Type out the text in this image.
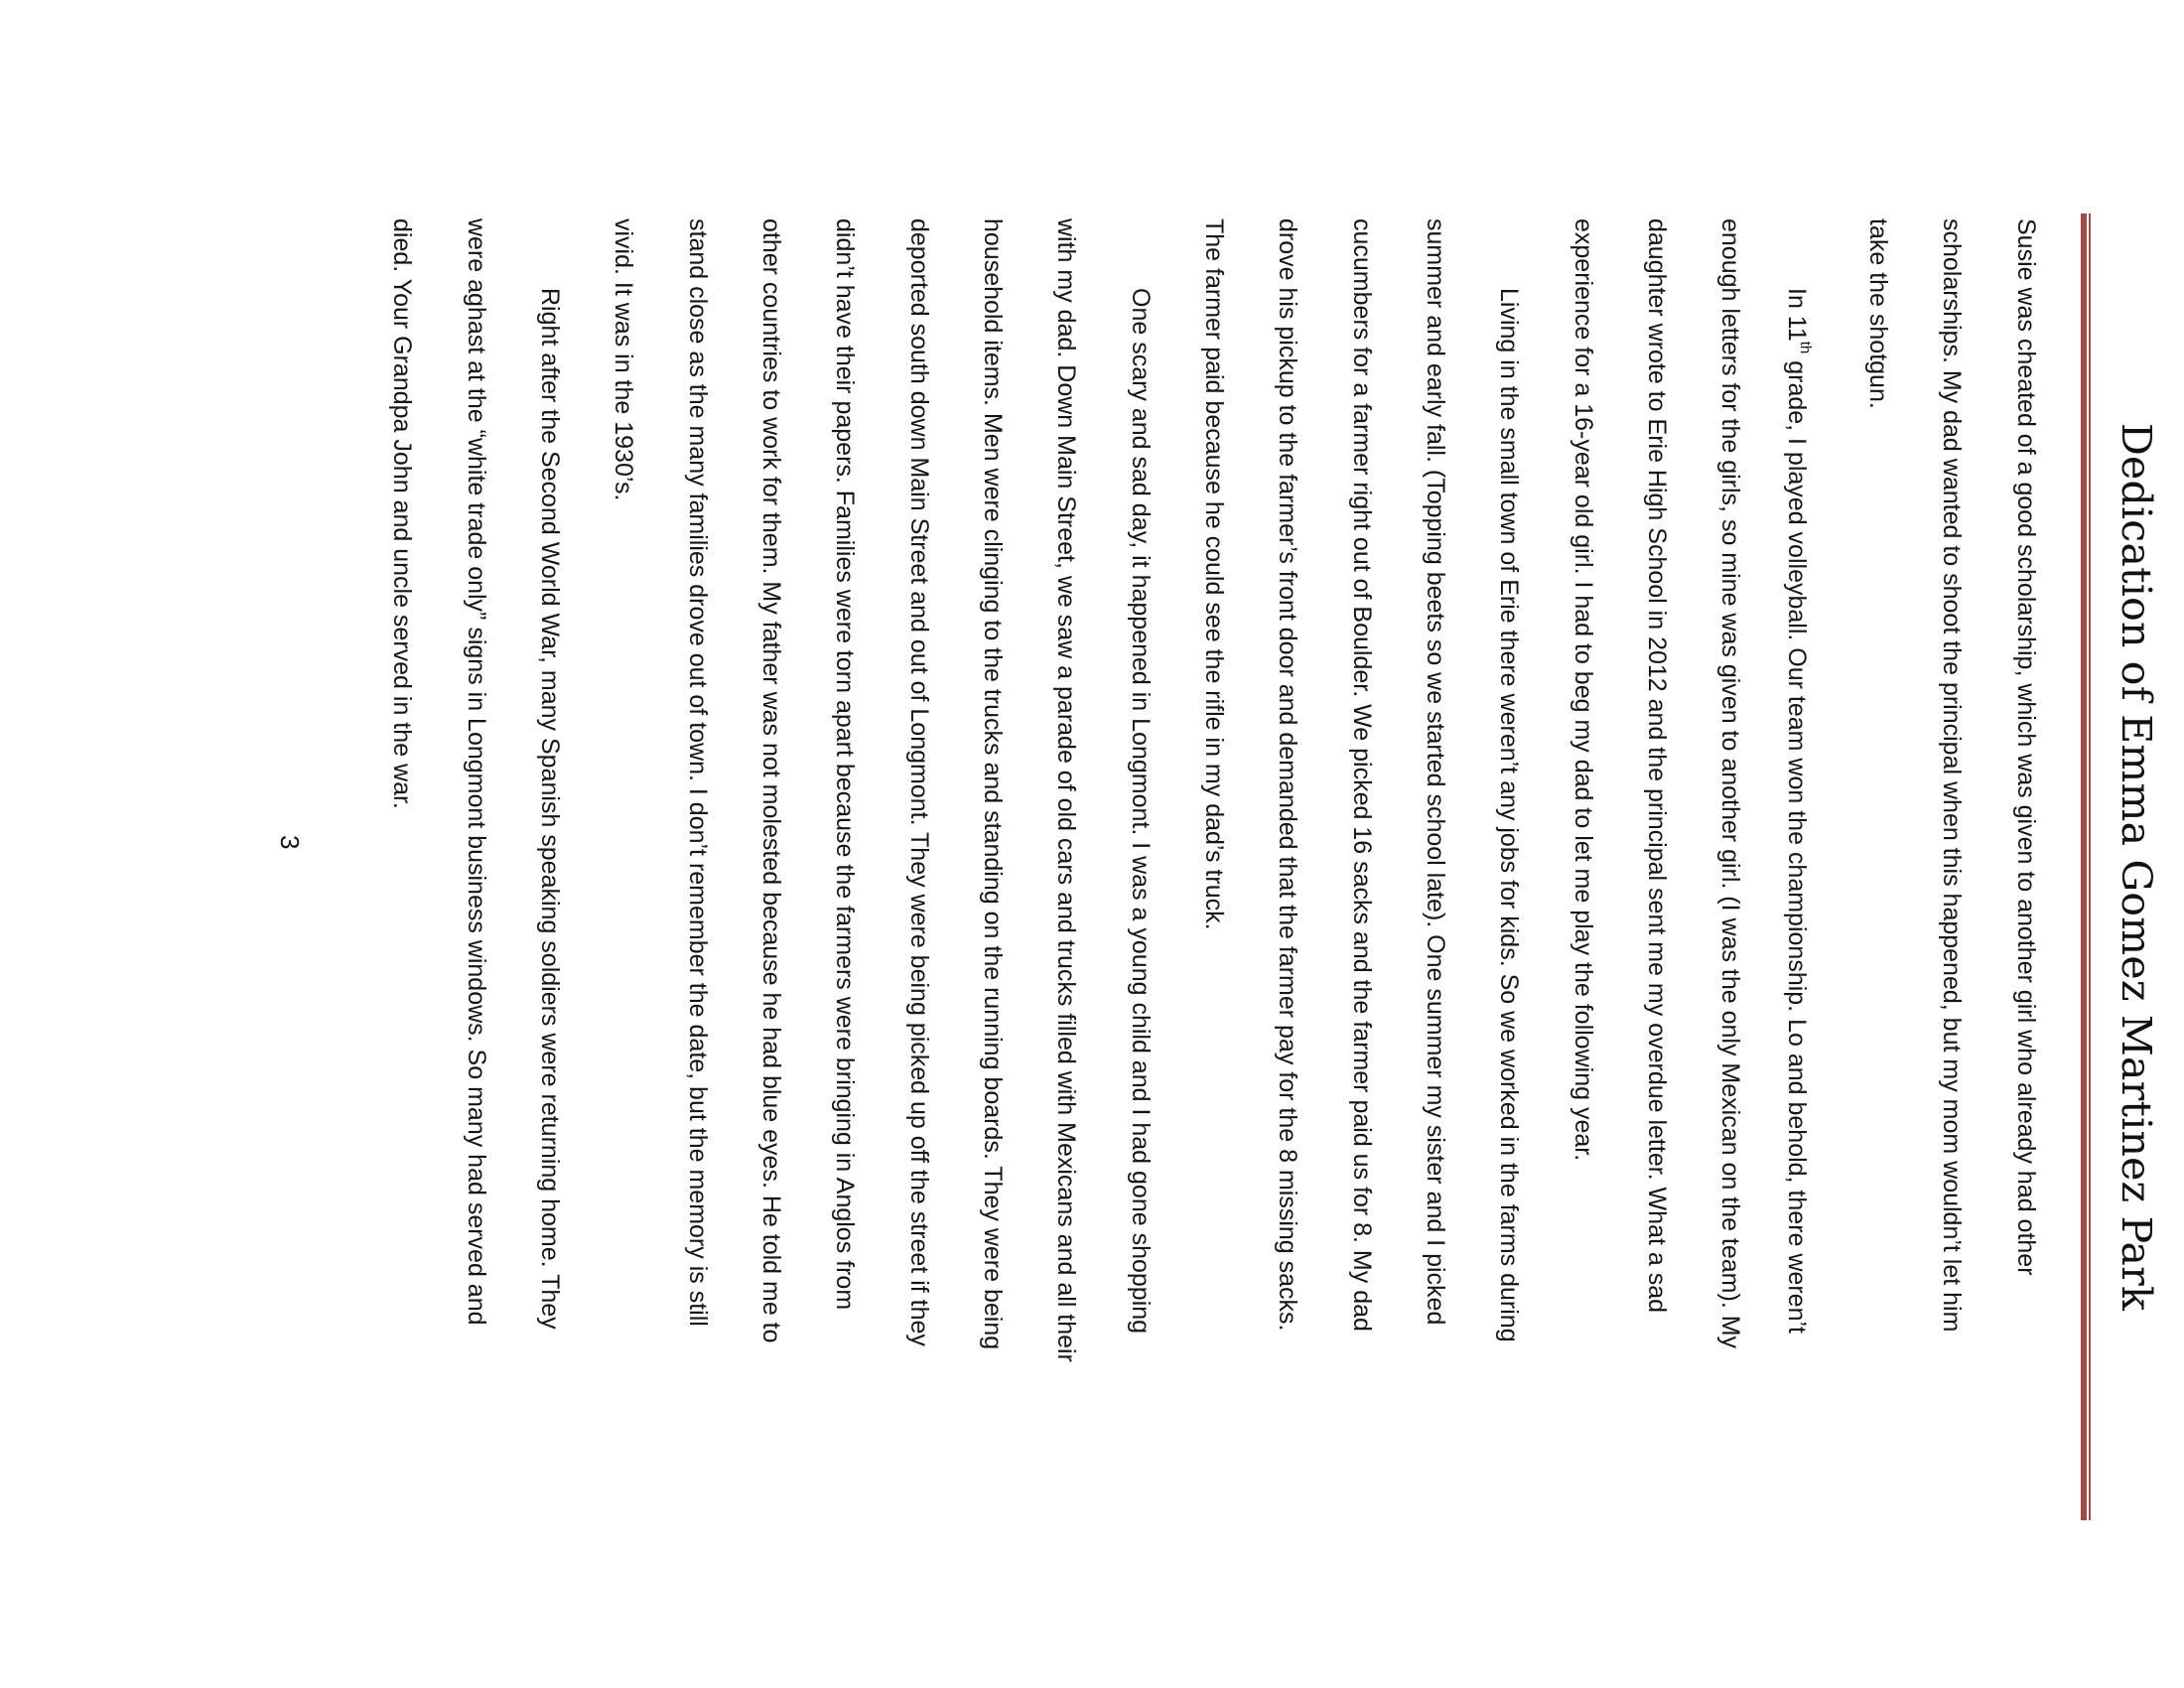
Dedication of Emma Gomez Martinez Park
Susie was cheated of a good scholarship, which was given to another girl who already had other
scholarships. My dad wanted to shoot the principal when this happened, but my mom wouldn’t let him
take the shotgun.
In 11th grade, I played volleyball. Our team won the championship. Lo and behold, there weren’t
enough letters for the girls, so mine was given to another girl. (I was the only Mexican on the team). My
daughter wrote to Erie High School in 2012 and the principal sent me my overdue letter. What a sad
experience for a 16-year old girl. I had to beg my dad to let me play the following year.
Living in the small town of Erie there weren’t any jobs for kids. So we worked in the farms during
summer and early fall. (Topping beets so we started school late). One summer my sister and I picked
cucumbers for a farmer right out of Boulder. We picked 16 sacks and the farmer paid us for 8. My dad
drove his pickup to the farmer’s front door and demanded that the farmer pay for the 8 missing sacks.
The farmer paid because he could see the rifle in my dad’s truck.
One scary and sad day, it happened in Longmont. I was a young child and I had gone shopping
with my dad. Down Main Street, we saw a parade of old cars and trucks filled with Mexicans and all their
household items. Men were clinging to the trucks and standing on the running boards. They were being
deported south down Main Street and out of Longmont. They were being picked up off the street if they
didn’t have their papers. Families were torn apart because the farmers were bringing in Anglos from
other countries to work for them. My father was not molested because he had blue eyes. He told me to
stand close as the many families drove out of town. I don’t remember the date, but the memory is still
vivid. It was in the 1930’s.
Right after the Second World War, many Spanish speaking soldiers were returning home. They
were aghast at the “white trade only” signs in Longmont business windows. So many had served and
died. Your Grandpa John and uncle served in the war.
3
